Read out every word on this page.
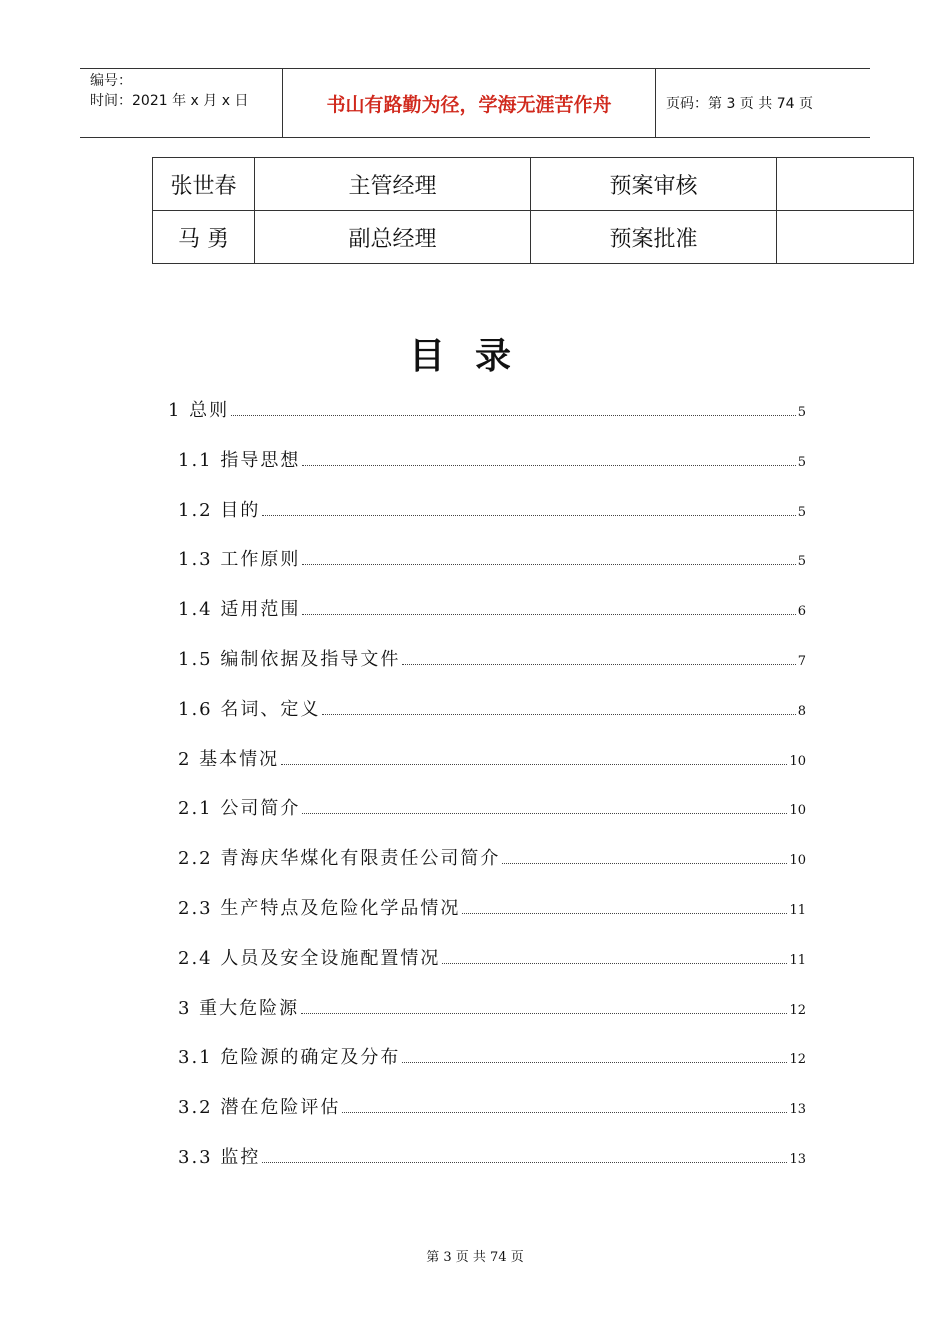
编号：
时间：2021 年 x 月 x 日	书山有路勤为径，学海无涯苦作舟	页码：第 3 页 共 74 页
张世春	主管经理	预案审核	
马 勇	副总经理	预案批准	
目录
1 总则	5
1.1 指导思想	5
1.2 目的	5
1.3 工作原则	5
1.4 适用范围	6
1.5 编制依据及指导文件	7
1.6 名词、定义	8
2 基本情况	10
2.1 公司简介	10
2.2 青海庆华煤化有限责任公司简介	10
2.3 生产特点及危险化学品情况	11
2.4 人员及安全设施配置情况	11
3 重大危险源	12
3.1 危险源的确定及分布	12
3.2 潜在危险评估	13
3.3 监控	13
第 3 页 共 74 页
